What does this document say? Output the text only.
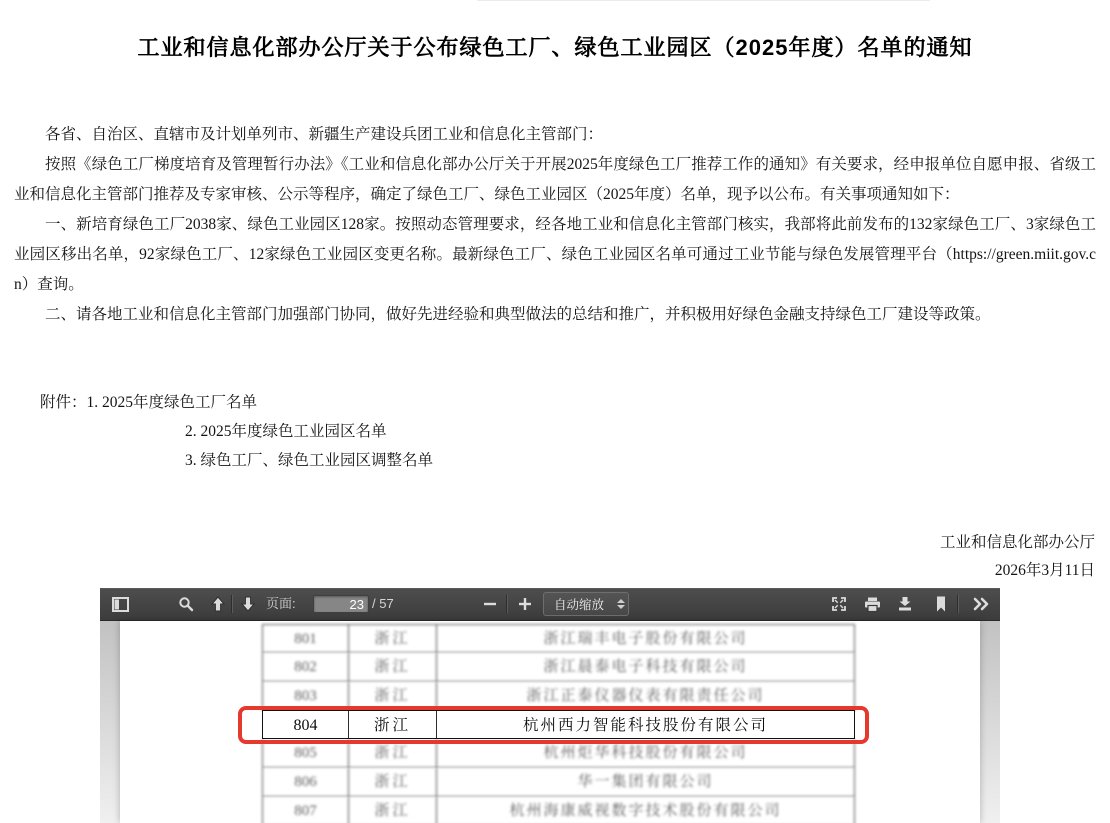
工业和信息化部办公厅关于公布绿色工厂、绿色工业园区（2025年度）名单的通知

各省、自治区、直辖市及计划单列市、新疆生产建设兵团工业和信息化主管部门：

按照《绿色工厂梯度培育及管理暂行办法》《工业和信息化部办公厅关于开展2025年度绿色工厂推荐工作的通知》有关要求，经申报单位自愿申报、省级工业和信息化主管部门推荐及专家审核、公示等程序，确定了绿色工厂、绿色工业园区（2025年度）名单，现予以公布。有关事项通知如下：

一、新培育绿色工厂2038家、绿色工业园区128家。按照动态管理要求，经各地工业和信息化主管部门核实，我部将此前发布的132家绿色工厂、3家绿色工业园区移出名单，92家绿色工厂、12家绿色工业园区变更名称。最新绿色工厂、绿色工业园区名单可通过工业节能与绿色发展管理平台（https://green.miit.gov.cn）查询。

二、请各地工业和信息化主管部门加强部门协同，做好先进经验和典型做法的总结和推广，并积极用好绿色金融支持绿色工厂建设等政策。

附件：1. 2025年度绿色工厂名单
2. 2025年度绿色工业园区名单
3. 绿色工厂、绿色工业园区调整名单
工业和信息化部办公厅
2026年3月11日
页面:
23	/ 57	自动缩放
801	浙江	浙江瑞丰电子股份有限公司
802	浙江	浙江晨泰电子科技有限公司
803	浙江	浙江正泰仪器仪表有限责任公司
804	浙江	杭州西力智能科技股份有限公司
805	浙江	杭州炬华科技股份有限公司
806	浙江	华一集团有限公司
807	浙江	杭州海康威视数字技术股份有限公司
